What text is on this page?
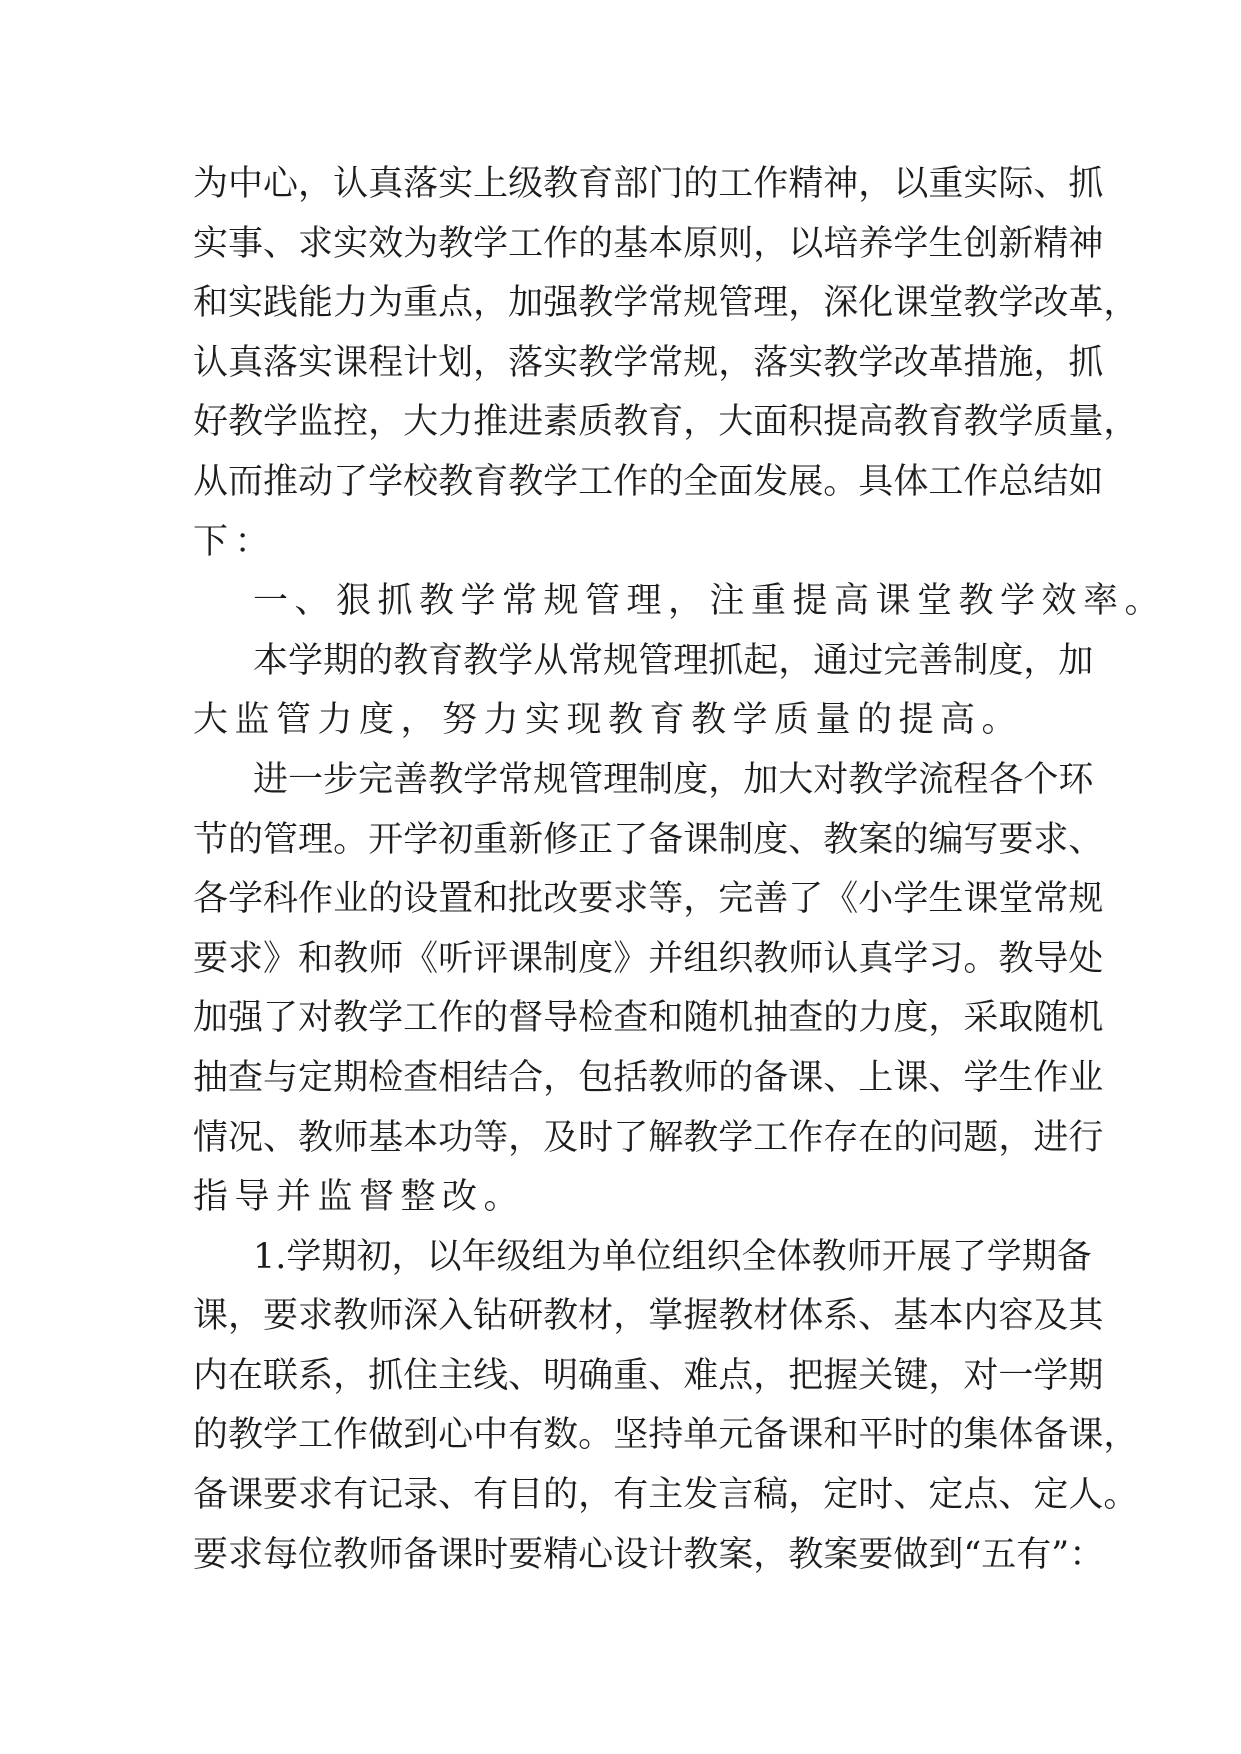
为 中 心 ， 认 真 落 实 上 级 教 育 部 门 的 工 作 精 神 ， 以 重 实 际 、 抓
实 事 、 求 实 效 为 教 学 工 作 的 基 本 原 则 ， 以 培 养 学 生 创 新 精 神
和 实 践 能 力 为 重 点 ， 加 强 教 学 常 规 管 理 ， 深 化 课 堂 教 学 改 革 ，
认 真 落 实 课 程 计 划 ， 落 实 教 学 常 规 ， 落 实 教 学 改 革 措 施 ， 抓
好 教 学 监 控 ， 大 力 推 进 素 质 教 育 ， 大 面 积 提 高 教 育 教 学 质 量 ，
从 而 推 动 了 学 校 教 育 教 学 工 作 的 全 面 发 展 。 具 体 工 作 总 结 如
下：
一、狠抓教学常规管理，注重提高课堂教学效率。
本 学 期 的 教 育 教 学 从 常 规 管 理 抓 起 ， 通 过 完 善 制 度 ， 加
大监管力度，努力实现教育教学质量的提高。
进 一 步 完 善 教 学 常 规 管 理 制 度 ， 加 大 对 教 学 流 程 各 个 环
节 的 管 理 。 开 学 初 重 新 修 正 了 备 课 制 度 、 教 案 的 编 写 要 求 、
各 学 科 作 业 的 设 置 和 批 改 要 求 等 ， 完 善 了 《 小 学 生 课 堂 常 规
要 求 》 和 教 师 《 听 评 课 制 度 》 并 组 织 教 师 认 真 学 习 。 教 导 处
加 强 了 对 教 学 工 作 的 督 导 检 查 和 随 机 抽 查 的 力 度 ， 采 取 随 机
抽 查 与 定 期 检 查 相 结 合 ， 包 括 教 师 的 备 课 、 上 课 、 学 生 作 业
情 况 、 教 师 基 本 功 等 ， 及 时 了 解 教 学 工 作 存 在 的 问 题 ， 进 行
指导并监督整改。
1 . 学 期 初 ， 以 年 级 组 为 单 位 组 织 全 体 教 师 开 展 了 学 期 备
课 ， 要 求 教 师 深 入 钻 研 教 材 ， 掌 握 教 材 体 系 、 基 本 内 容 及 其
内 在 联 系 ， 抓 住 主 线 、 明 确 重 、 难 点 ， 把 握 关 键 ， 对 一 学 期
的 教 学 工 作 做 到 心 中 有 数 。 坚 持 单 元 备 课 和 平 时 的 集 体 备 课 ，
备 课 要 求 有 记 录 、 有 目 的 ， 有 主 发 言 稿 ， 定 时 、 定 点 、 定 人 。
要 求 每 位 教 师 备 课 时 要 精 心 设 计 教 案 ， 教 案 要 做 到 “ 五 有 ” ：
